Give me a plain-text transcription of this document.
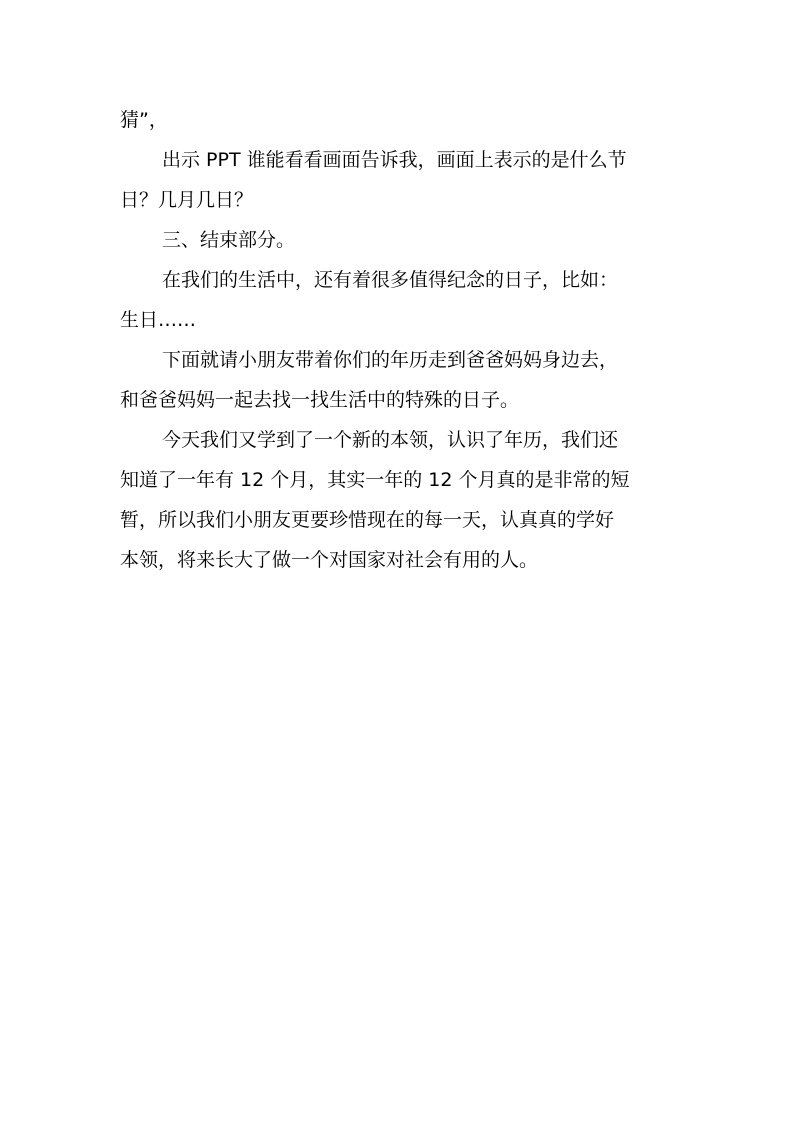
猜”，
出示 PPT 谁能看看画面告诉我，画面上表示的是什么节
日？几月几日？
三、结束部分。
在我们的生活中，还有着很多值得纪念的日子，比如：
生日……
下面就请小朋友带着你们的年历走到爸爸妈妈身边去，
和爸爸妈妈一起去找一找生活中的特殊的日子。
今天我们又学到了一个新的本领，认识了年历，我们还
知道了一年有 12 个月，其实一年的 12 个月真的是非常的短
暂，所以我们小朋友更要珍惜现在的每一天，认真真的学好
本领，将来长大了做一个对国家对社会有用的人。
